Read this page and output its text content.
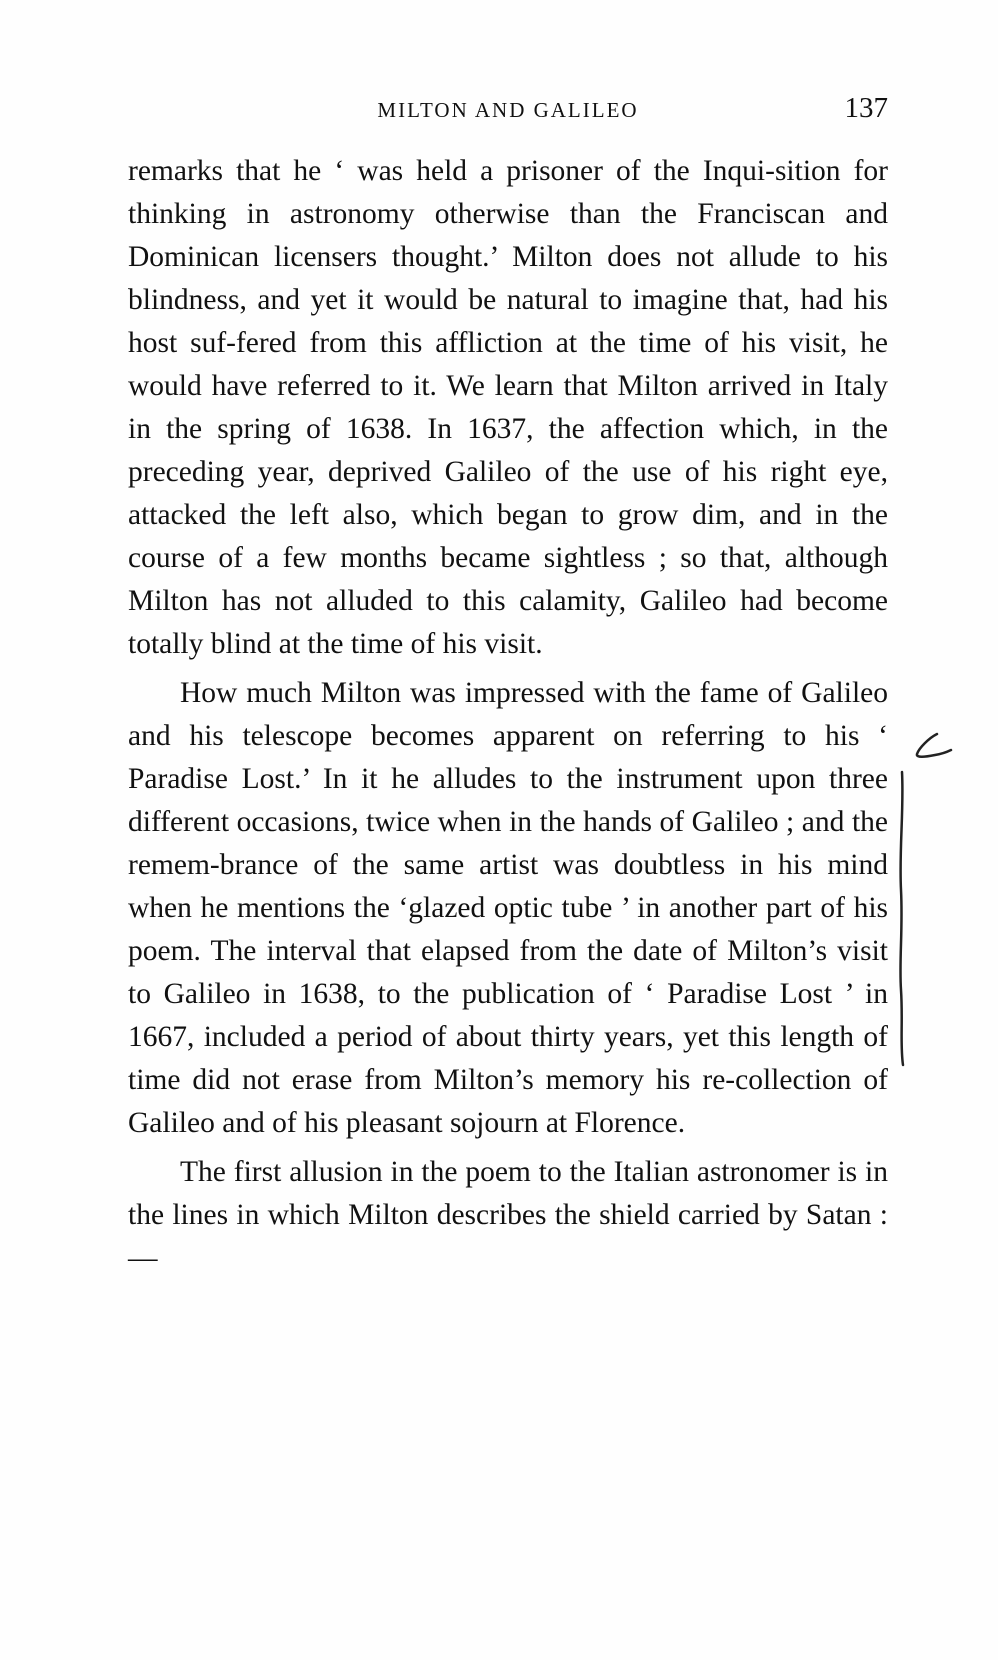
MILTON AND GALILEO	137

remarks that he ‘ was held a prisoner of the Inqui-sition for thinking in astronomy otherwise than the Franciscan and Dominican licensers thought.’ Milton does not allude to his blindness, and yet it would be natural to imagine that, had his host suf-fered from this affliction at the time of his visit, he would have referred to it. We learn that Milton arrived in Italy in the spring of 1638. In 1637, the affection which, in the preceding year, deprived Galileo of the use of his right eye, attacked the left also, which began to grow dim, and in the course of a few months became sightless ; so that, although Milton has not alluded to this calamity, Galileo had become totally blind at the time of his visit.

How much Milton was impressed with the fame of Galileo and his telescope becomes apparent on referring to his ‘ Paradise Lost.’ In it he alludes to the instrument upon three different occasions, twice when in the hands of Galileo ; and the remem-brance of the same artist was doubtless in his mind when he mentions the ‘glazed optic tube ’ in another part of his poem. The interval that elapsed from the date of Milton’s visit to Galileo in 1638, to the publication of ‘ Paradise Lost ’ in 1667, included a period of about thirty years, yet this length of time did not erase from Milton’s memory his re-collection of Galileo and of his pleasant sojourn at Florence.

The first allusion in the poem to the Italian astronomer is in the lines in which Milton describes the shield carried by Satan :—
